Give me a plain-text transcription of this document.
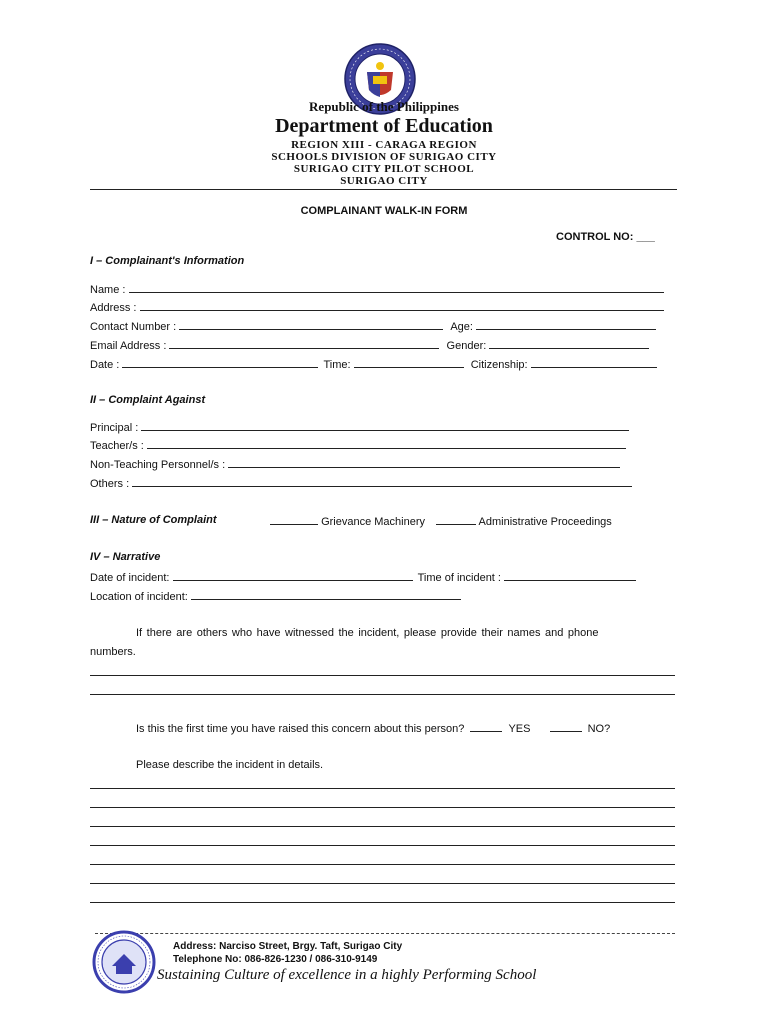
Republic of the Philippines
Department of Education
REGION XIII - CARAGA REGION
SCHOOLS DIVISION OF SURIGAO CITY
SURIGAO CITY PILOT SCHOOL
SURIGAO CITY
COMPLAINANT WALK-IN FORM
CONTROL NO: ___
I – Complainant's Information
Name :
Address :
Contact Number :	Age:
Email Address :	Gender:
Date :	Time:	Citizenship:
II – Complaint Against
Principal :
Teacher/s :
Non-Teaching Personnel/s :
Others :
III – Nature of Complaint	Grievance Machinery	Administrative Proceedings
IV – Narrative
Date of incident:	Time of incident :
Location of incident:
If there are others who have witnessed the incident, please provide their names and phone
numbers.
Is this the first time you have raised this concern about this person?	YES	NO?
Please describe the incident in details.
Address: Narciso Street, Brgy. Taft, Surigao City
Telephone No: 086-826-1230 / 086-310-9149
Sustaining Culture of excellence in a highly Performing School
